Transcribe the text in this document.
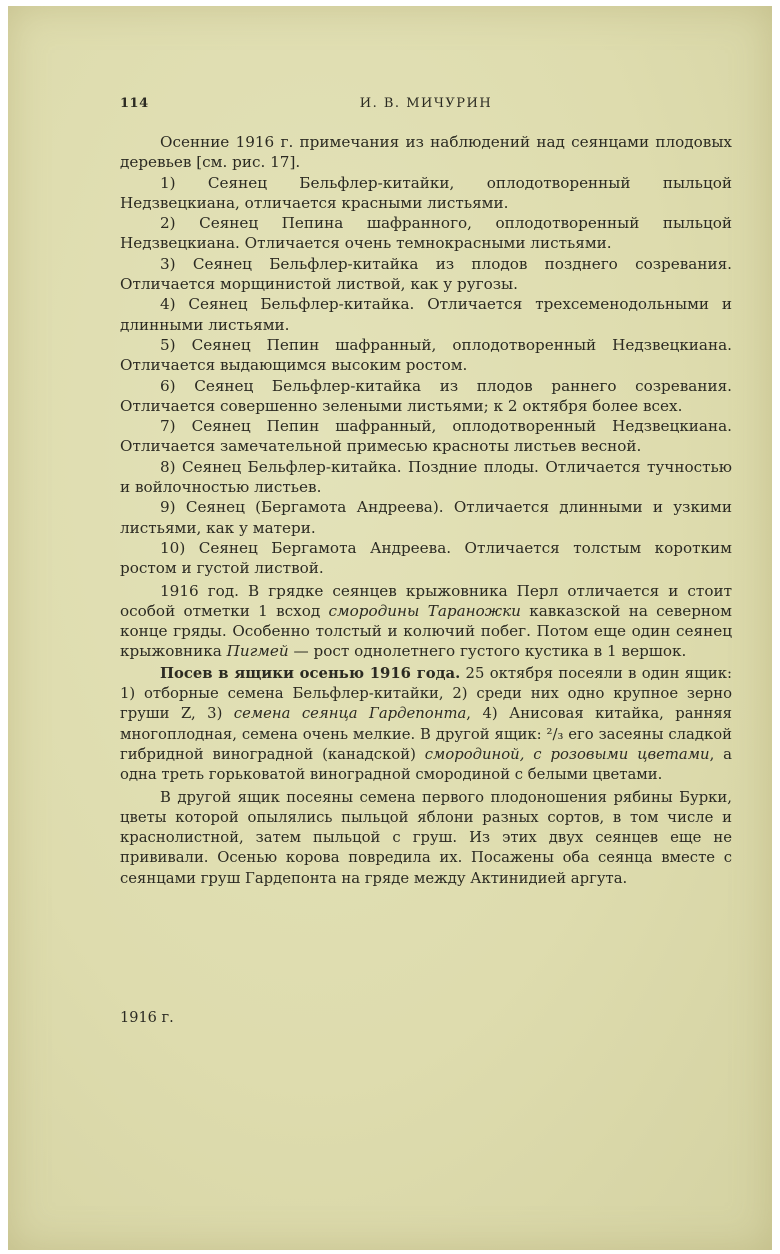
114	И. В. МИЧУРИН

Осенние 1916 г. примечания из наблюдений над сеянцами плодовых деревьев [см. рис. 17].

1) Сеянец Бельфлер-китайки, оплодотворенный пыльцой Недзвецкиана, отличается красными листьями.

2) Сеянец Пепина шафранного, оплодотворенный пыльцой Недзвецкиана. Отличается очень темнокрасными листьями.

3) Сеянец Бельфлер-китайка из плодов позднего созревания. Отличается морщинистой листвой, как у ругозы.

4) Сеянец Бельфлер-китайка. Отличается трехсеменодольными и длинными листьями.

5) Сеянец Пепин шафранный, оплодотворенный Недзвецкиана. Отличается выдающимся высоким ростом.

6) Сеянец Бельфлер-китайка из плодов раннего созревания. Отличается совершенно зелеными листьями; к 2 октября более всех.

7) Сеянец Пепин шафранный, оплодотворенный Недзвецкиана. Отличается замечательной примесью красноты листьев весной.

8) Сеянец Бельфлер-китайка. Поздние плоды. Отличается тучностью и войлочностью листьев.

9) Сеянец (Бергамота Андреева). Отличается длинными и узкими листьями, как у матери.

10) Сеянец Бергамота Андреева. Отличается толстым коротким ростом и густой листвой.

1916 год. В грядке сеянцев крыжовника Перл отличается и стоит особой отметки 1 всход смородины Тараножки кавказской на северном конце гряды. Особенно толстый и колючий побег. Потом еще один сеянец крыжовника Пигмей — рост однолетнего густого кустика в 1 вершок.

Посев в ящики осенью 1916 года. 25 октября посеяли в один ящик: 1) отборные семена Бельфлер-китайки, 2) среди них одно крупное зерно груши Z, 3) семена сеянца Гардепонта, 4) Анисовая китайка, ранняя многоплодная, семена очень мелкие. В другой ящик: ²/₃ его засеяны сладкой гибридной виноградной (канадской) смородиной, с розовыми цветами, а одна треть горьковатой виноградной смородиной с белыми цветами.

В другой ящик посеяны семена первого плодоношения рябины Бурки, цветы которой опылялись пыльцой яблони разных сортов, в том числе и краснолистной, затем пыльцой с груш. Из этих двух сеянцев еще не прививали. Осенью корова повредила их. Посажены оба сеянца вместе с сеянцами груш Гардепонта на гряде между Актинидией аргута.

1916 г.
